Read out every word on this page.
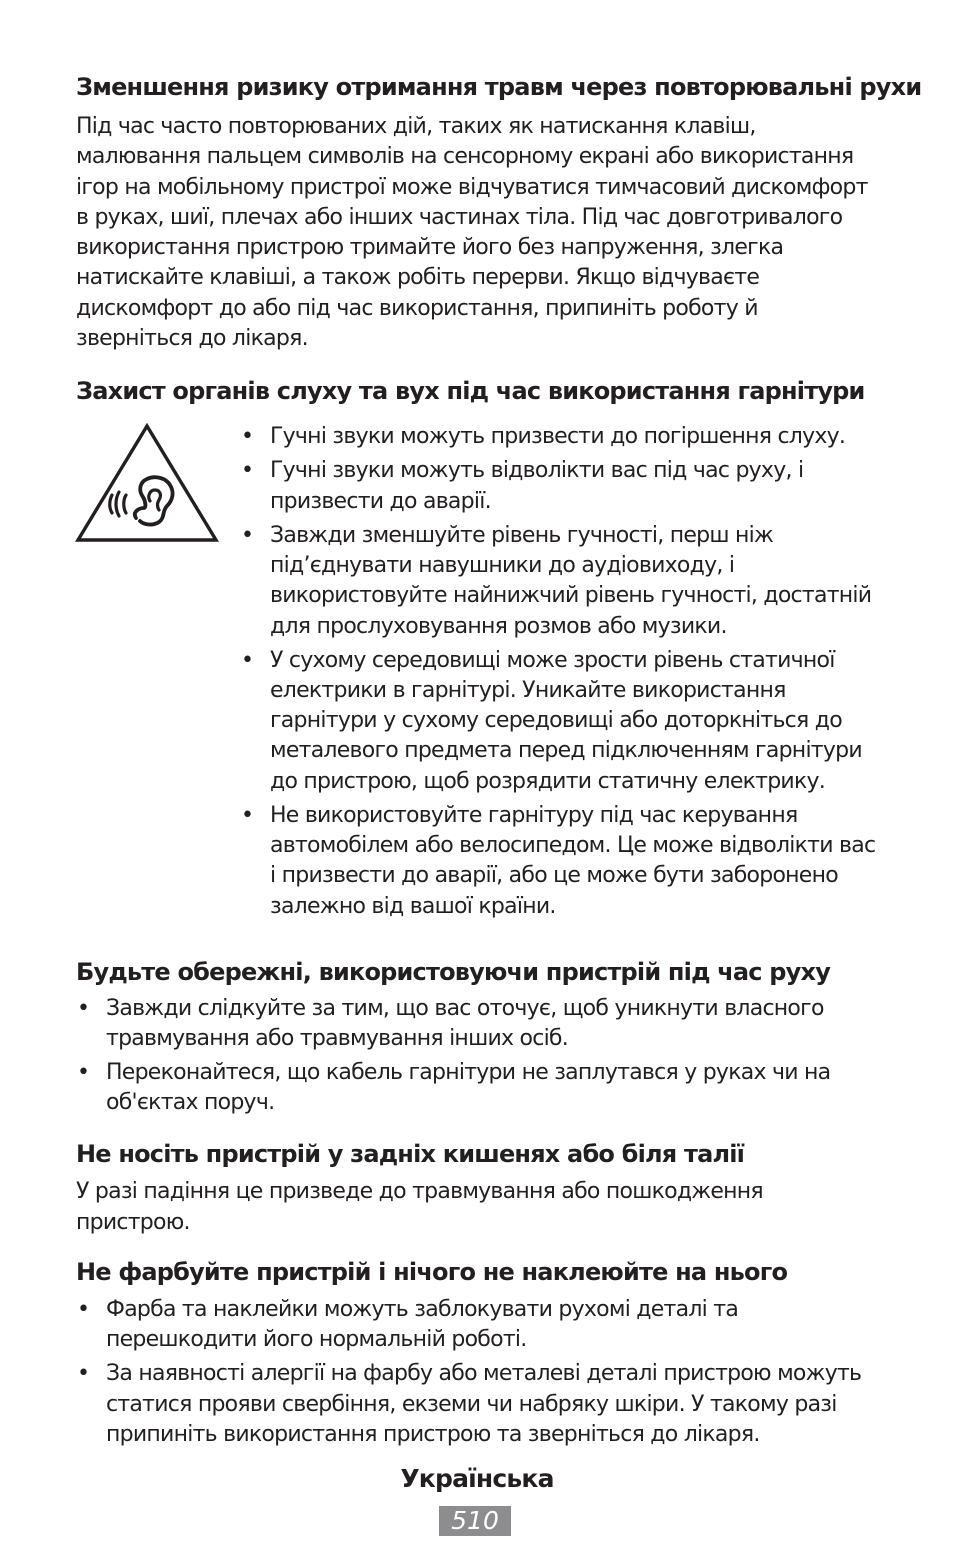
Зменшення ризику отримання травм через повторювальні рухи

Під час часто повторюваних дій, таких як натискання клавіш, малювання пальцем символів на сенсорному екрані або використання ігор на мобільному пристрої може відчуватися тимчасовий дискомфорт в руках, шиї, плечах або інших частинах тіла. Під час довготривалого використання пристрою тримайте його без напруження, злегка натискайте клавіші, а також робіть перерви. Якщо відчуваєте дискомфорт до або під час використання, припиніть роботу й зверніться до лікаря.

Захист органів слуху та вух під час використання гарнітури
• Гучні звуки можуть призвести до погіршення слуху.
• Гучні звуки можуть відволікти вас під час руху, і призвести до аварії.
• Завжди зменшуйте рівень гучності, перш ніж під’єднувати навушники до аудіовиходу, і використовуйте найнижчий рівень гучності, достатній для прослуховування розмов або музики.
• У сухому середовищі може зрости рівень статичної електрики в гарнітурі. Уникайте використання гарнітури у сухому середовищі або доторкніться до металевого предмета перед підключенням гарнітури до пристрою, щоб розрядити статичну електрику.
• Не використовуйте гарнітуру під час керування автомобілем або велосипедом. Це може відволікти вас і призвести до аварії, або це може бути заборонено залежно від вашої країни.
Будьте обережні, використовуючи пристрій під час руху
• Завжди слідкуйте за тим, що вас оточує, щоб уникнути власного травмування або травмування інших осіб.
• Переконайтеся, що кабель гарнітури не заплутався у руках чи на об'єктах поруч.
Не носіть пристрій у задніх кишенях або біля талії

У разі падіння це призведе до травмування або пошкодження пристрою.

Не фарбуйте пристрій і нічого не наклеюйте на нього
• Фарба та наклейки можуть заблокувати рухомі деталі та перешкодити його нормальній роботі.
• За наявності алергії на фарбу або металеві деталі пристрою можуть статися прояви свербіння, екземи чи набряку шкіри. У такому разі припиніть використання пристрою та зверніться до лікаря.
Українська
510
